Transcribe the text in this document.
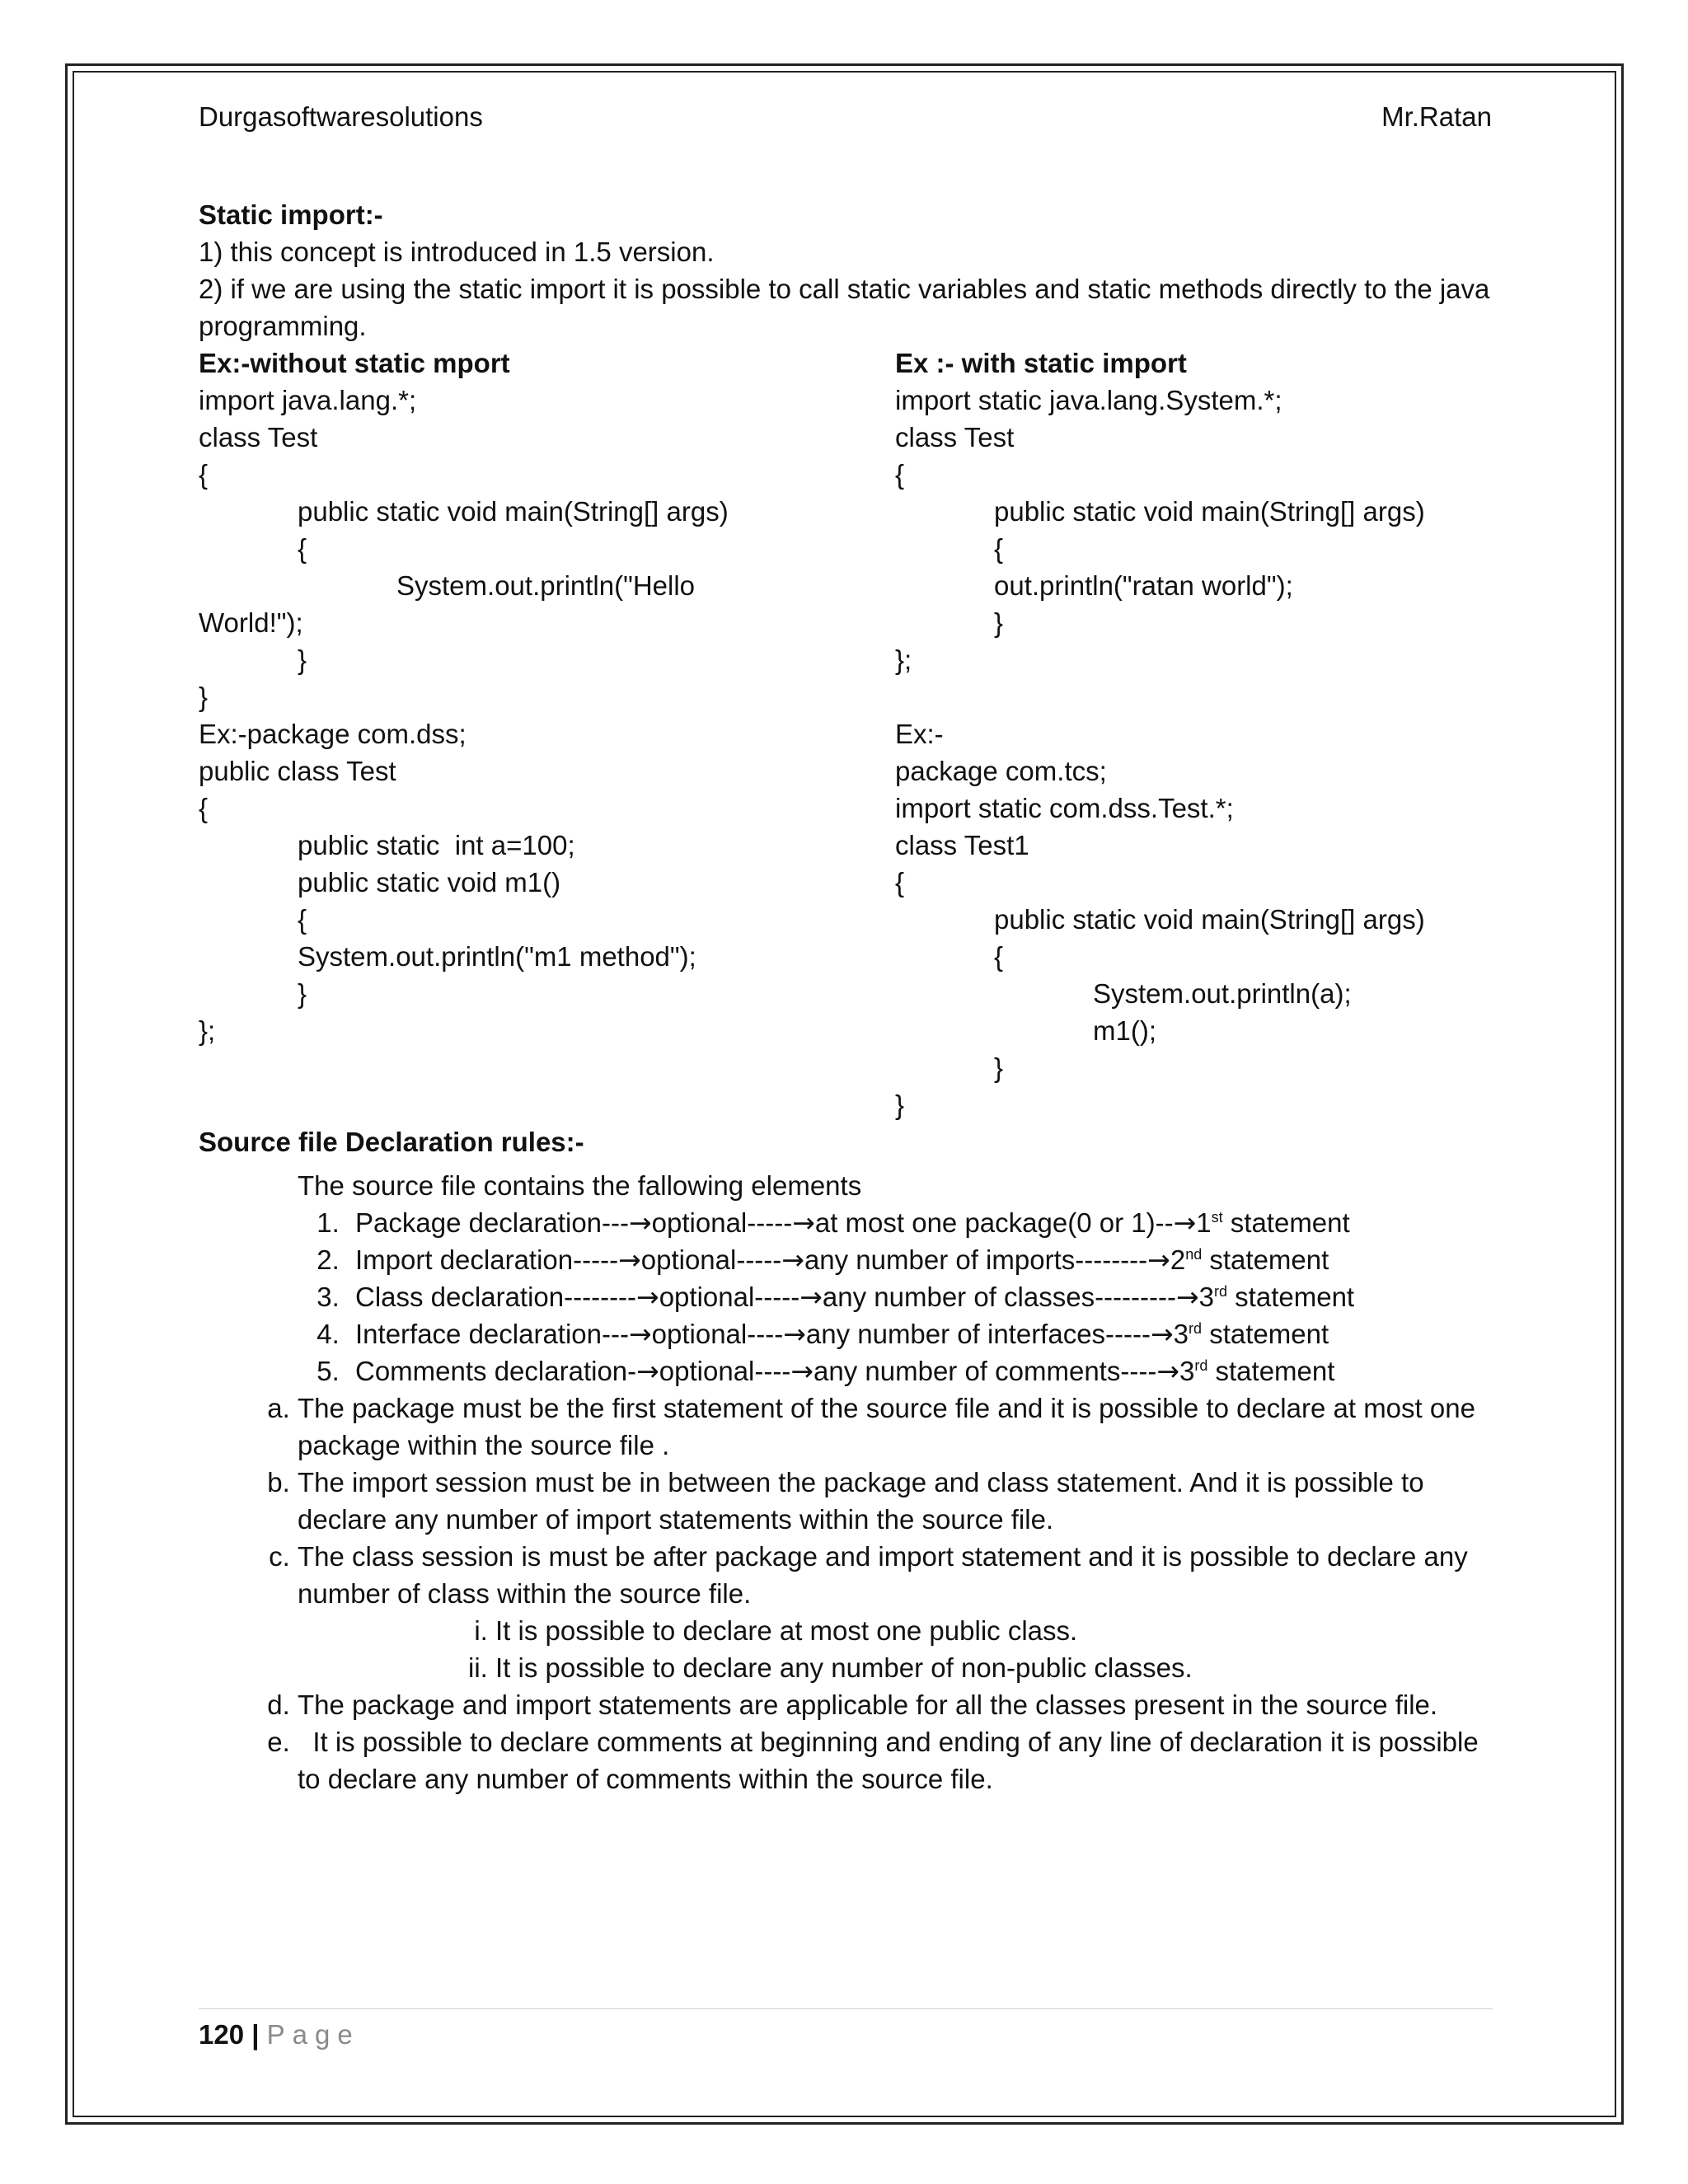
Durgasoftwaresolutions	Mr.Ratan

Static import:-

1) this concept is introduced in 1.5 version.

2) if we are using the static import it is possible to call static variables and static methods directly to the java programming.

Ex:-without static mport

import java.lang.*;

class Test

{

public static void main(String[] args)

{

System.out.println("Hello

World!");

}

}

Ex :- with static import

import static java.lang.System.*;

class Test

{

public static void main(String[] args)

{

out.println("ratan world");

}

};

Ex:-package com.dss;

public class Test

{

public static  int a=100;

public static void m1()

{

System.out.println("m1 method");

}

};

Ex:-

package com.tcs;

import static com.dss.Test.*;

class Test1

{

public static void main(String[] args)

{

System.out.println(a);

m1();

}

}

Source file Declaration rules:-

The source file contains the fallowing elements

1. Package declaration---→optional-----→at most one package(0 or 1)--→1st statement
2. Import declaration-----→optional-----→any number of imports--------→2nd statement
3. Class declaration--------→optional-----→any number of classes---------→3rd statement
4. Interface declaration---→optional----→any number of interfaces-----→3rd statement
5. Comments declaration-→optional----→any number of comments----→3rd statement
a. The package must be the first statement of the source file and it is possible to declare at most one package within the source file .
b. The import session must be in between the package and class statement. And it is possible to declare any number of import statements within the source file.
c. The class session is must be after package and import statement and it is possible to declare any number of class within the source file.
i. It is possible to declare at most one public class.
ii. It is possible to declare any number of non-public classes.
d. The package and import statements are applicable for all the classes present in the source file.
e.   It is possible to declare comments at beginning and ending of any line of declaration it is possible to declare any number of comments within the source file.
120 | Page
